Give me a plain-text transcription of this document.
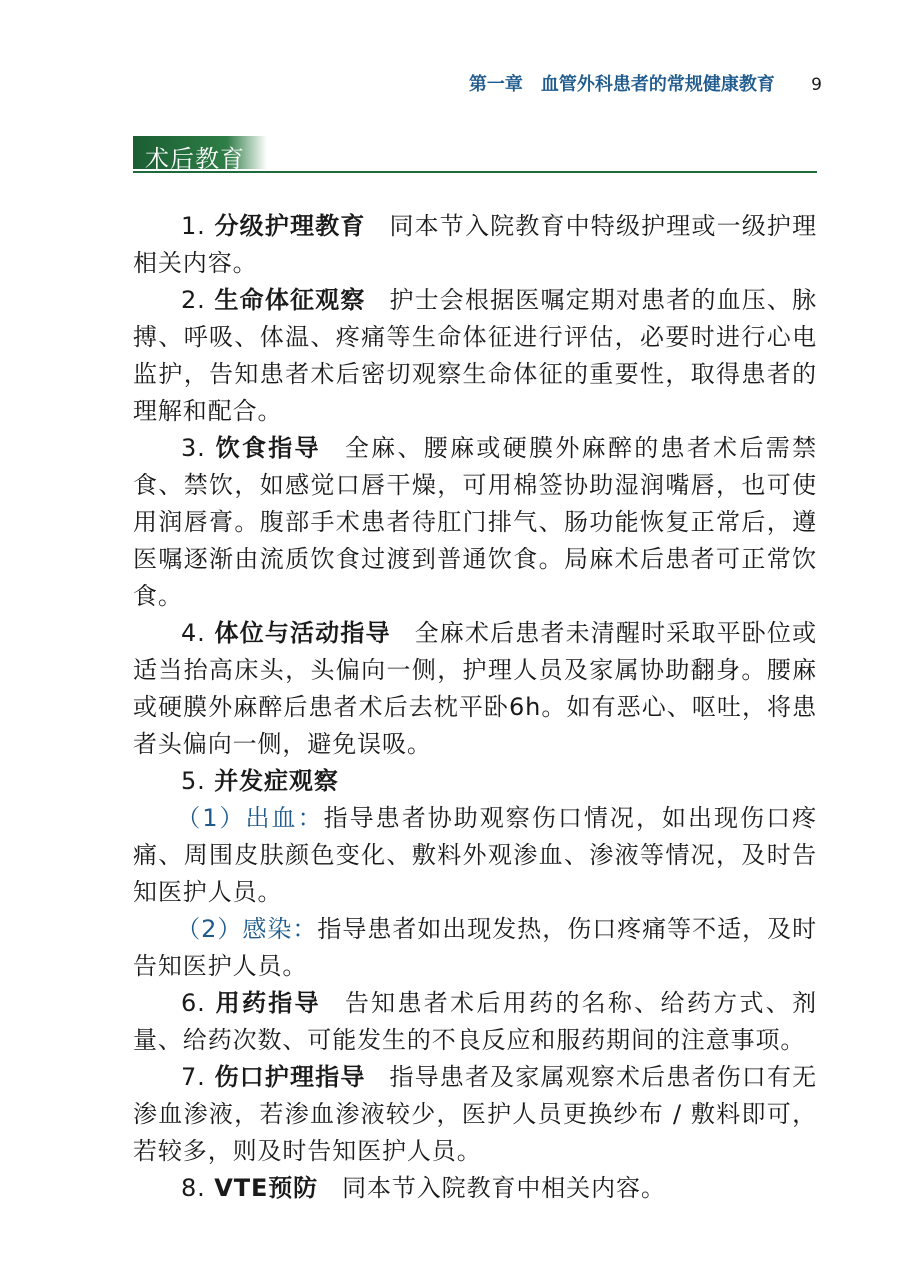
第一章　血管外科患者的常规健康教育 9
术后教育

1. 分级护理教育 同本节入院教育中特级护理或一级护理相关内容。

2. 生命体征观察 护士会根据医嘱定期对患者的血压、脉搏、呼吸、体温、疼痛等生命体征进行评估，必要时进行心电监护，告知患者术后密切观察生命体征的重要性，取得患者的理解和配合。

3. 饮食指导 全麻、腰麻或硬膜外麻醉的患者术后需禁食、禁饮，如感觉口唇干燥，可用棉签协助湿润嘴唇，也可使用润唇膏。腹部手术患者待肛门排气、肠功能恢复正常后，遵医嘱逐渐由流质饮食过渡到普通饮食。局麻术后患者可正常饮食。

4. 体位与活动指导 全麻术后患者未清醒时采取平卧位或适当抬高床头，头偏向一侧，护理人员及家属协助翻身。腰麻或硬膜外麻醉后患者术后去枕平卧6h。如有恶心、呕吐，将患者头偏向一侧，避免误吸。

5. 并发症观察

（1）出血：指导患者协助观察伤口情况，如出现伤口疼痛、周围皮肤颜色变化、敷料外观渗血、渗液等情况，及时告知医护人员。

（2）感染：指导患者如出现发热，伤口疼痛等不适，及时告知医护人员。

6. 用药指导 告知患者术后用药的名称、给药方式、剂量、给药次数、可能发生的不良反应和服药期间的注意事项。

7. 伤口护理指导 指导患者及家属观察术后患者伤口有无渗血渗液，若渗血渗液较少，医护人员更换纱布 / 敷料即可，若较多，则及时告知医护人员。

8. VTE预防 同本节入院教育中相关内容。
